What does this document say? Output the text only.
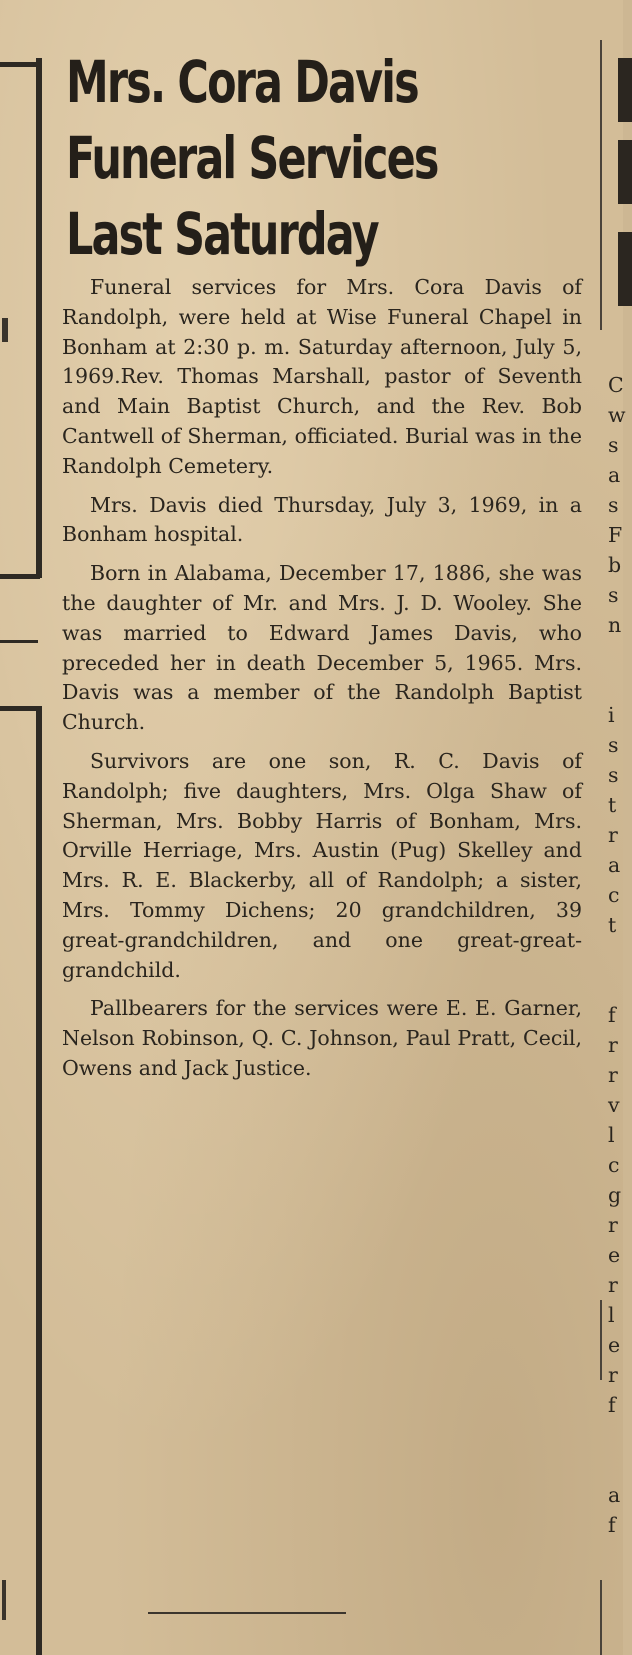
C
w
s
a
s
F
b
s
n
i
s
s
t
r
a
c
t
f
r
r
v
l
c
g
r
e
r
l
e
r
f
a
f
Mrs. Cora Davis
Funeral Services
Last Saturday

Funeral services for Mrs. Cora Davis of Randolph, were held at Wise Funeral Chapel in Bonham at 2:30 p. m. Saturday afternoon, July 5, 1969.Rev. Thomas Marshall, pastor of Seventh and Main Baptist Church, and the Rev. Bob Cantwell of Sherman, officiated. Burial was in the Randolph Cemetery.

Mrs. Davis died Thursday, July 3, 1969, in a Bonham hospital.

Born in Alabama, December 17, 1886, she was the daughter of Mr. and Mrs. J. D. Wooley. She was married to Edward James Davis, who preceded her in death December 5, 1965. Mrs. Davis was a member of the Randolph Baptist Church.

Survivors are one son, R. C. Davis of Randolph; five daughters, Mrs. Olga Shaw of Sherman, Mrs. Bobby Harris of Bonham, Mrs. Orville Herriage, Mrs. Austin (Pug) Skelley and Mrs. R. E. Blackerby, all of Randolph; a sister, Mrs. Tommy Dichens; 20 grandchildren, 39 great-grandchildren, and one great-great-grandchild.

Pallbearers for the services were E. E. Garner, Nelson Robinson, Q. C. Johnson, Paul Pratt, Cecil, Owens and Jack Justice.
